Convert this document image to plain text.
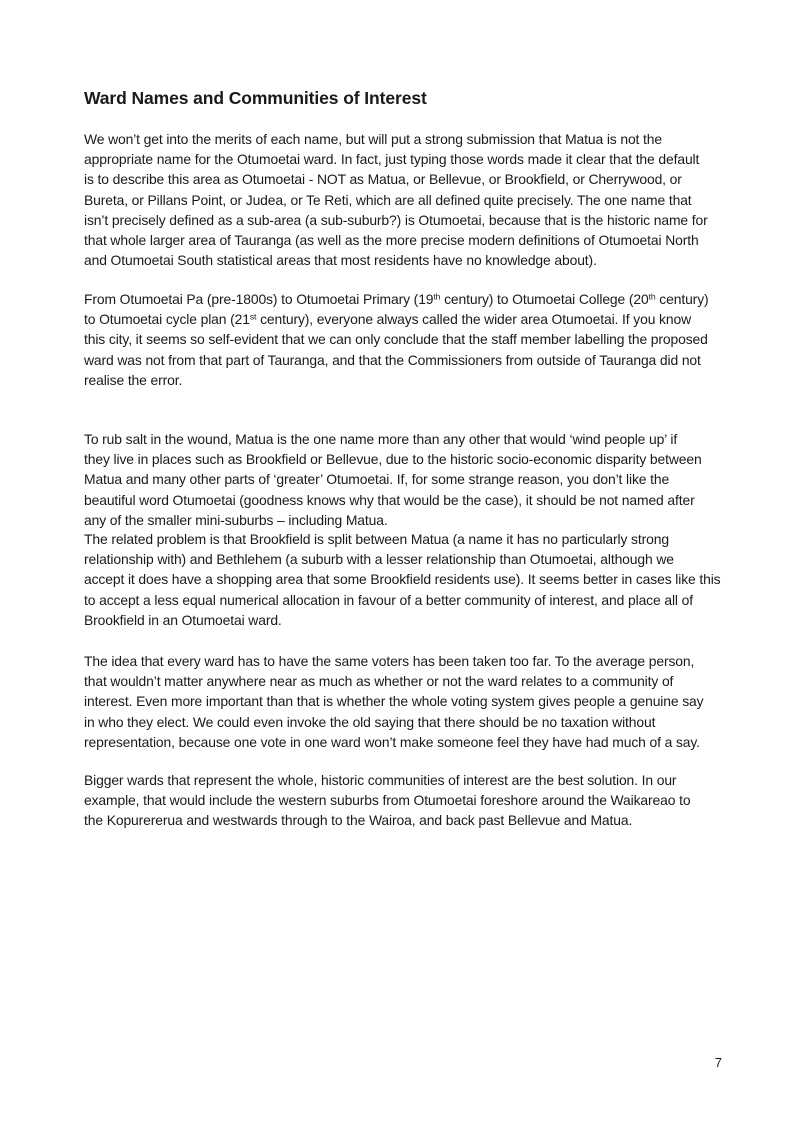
Ward Names and Communities of Interest

We won’t get into the merits of each name, but will put a strong submission that Matua is not the
appropriate name for the Otumoetai ward. In fact, just typing those words made it clear that the default
is to describe this area as Otumoetai - NOT as Matua, or Bellevue, or Brookfield, or Cherrywood, or
Bureta, or Pillans Point, or Judea, or Te Reti, which are all defined quite precisely. The one name that
isn’t precisely defined as a sub-area (a sub-suburb?) is Otumoetai, because that is the historic name for
that whole larger area of Tauranga (as well as the more precise modern definitions of Otumoetai North
and Otumoetai South statistical areas that most residents have no knowledge about).

From Otumoetai Pa (pre-1800s) to Otumoetai Primary (19th century) to Otumoetai College (20th century)
to Otumoetai cycle plan (21st century), everyone always called the wider area Otumoetai. If you know
this city, it seems so self-evident that we can only conclude that the staff member labelling the proposed
ward was not from that part of Tauranga, and that the Commissioners from outside of Tauranga did not
realise the error.

To rub salt in the wound, Matua is the one name more than any other that would ‘wind people up’ if
they live in places such as Brookfield or Bellevue, due to the historic socio-economic disparity between
Matua and many other parts of ‘greater’ Otumoetai. If, for some strange reason, you don’t like the
beautiful word Otumoetai (goodness knows why that would be the case), it should be not named after
any of the smaller mini-suburbs – including Matua.

The related problem is that Brookfield is split between Matua (a name it has no particularly strong
relationship with) and Bethlehem (a suburb with a lesser relationship than Otumoetai, although we
accept it does have a shopping area that some Brookfield residents use). It seems better in cases like this
to accept a less equal numerical allocation in favour of a better community of interest, and place all of
Brookfield in an Otumoetai ward.

The idea that every ward has to have the same voters has been taken too far. To the average person,
that wouldn’t matter anywhere near as much as whether or not the ward relates to a community of
interest. Even more important than that is whether the whole voting system gives people a genuine say
in who they elect. We could even invoke the old saying that there should be no taxation without
representation, because one vote in one ward won’t make someone feel they have had much of a say.

Bigger wards that represent the whole, historic communities of interest are the best solution. In our
example, that would include the western suburbs from Otumoetai foreshore around the Waikareao to
the Kopurererua and westwards through to the Wairoa, and back past Bellevue and Matua.

7
